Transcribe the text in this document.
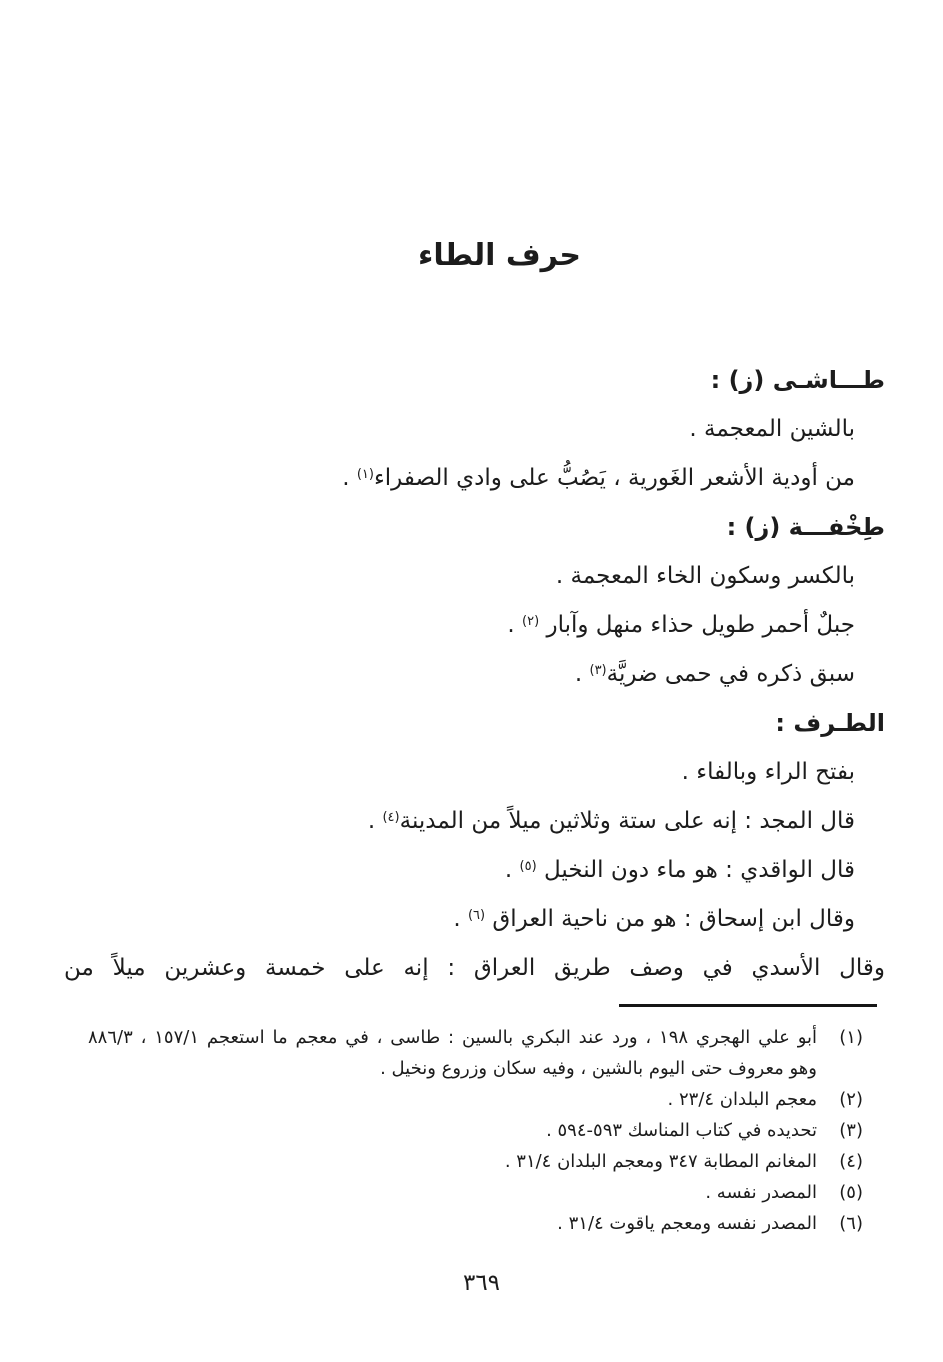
حرف الطاء

طـــاشـى (ز) :

بالشين المعجمة .

من أودية الأشعر الغَورية ، يَصُبُّ على وادي الصفراء$^{(١)}$ .

طِخْفـــة (ز) :

بالكسر وسكون الخاء المعجمة .

جبلٌ أحمر طويل حذاء منهل وآبار $^{(٢)}$ .

سبق ذكره في حمى ضريَّة$^{(٣)}$ .

الطـرف :

بفتح الراء وبالفاء .

قال المجد : إنه على ستة وثلاثين ميلاً من المدينة$^{(٤)}$ .

قال الواقدي : هو ماء دون النخيل $^{(٥)}$ .

وقال ابن إسحاق : هو من ناحية العراق $^{(٦)}$ .

وقال الأسدي في وصف طريق العراق : إنه على خمسة وعشرين ميلاً من

(١)
أبو علي الهجري ١٩٨ ، ورد عند البكري بالسين : طاسى ، في معجم ما استعجم ١٥٧/١ ، ٨٨٦/٣
وهو معروف حتى اليوم بالشين ، وفيه سكان وزروع ونخيل .
(٢)
معجم البلدان ٢٣/٤ .
(٣)
تحديده في كتاب المناسك ٥٩٣-٥٩٤ .
(٤)
المغانم المطابة ٣٤٧ ومعجم البلدان ٣١/٤ .
(٥)
المصدر نفسه .
(٦)
المصدر نفسه ومعجم ياقوت ٣١/٤ .
٣٦٩
